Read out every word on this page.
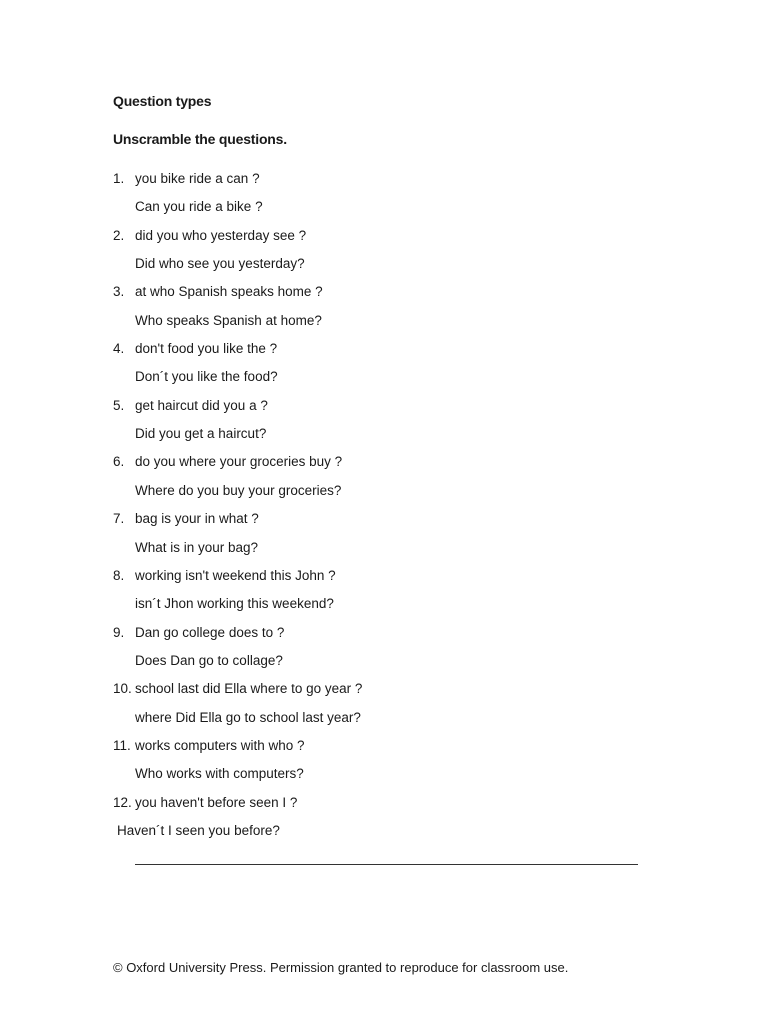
Question types
Unscramble the questions.
1. you bike ride a can ?
Can you ride a bike ?
2. did you who yesterday see ?
Did who see you yesterday?
3. at who Spanish speaks home ?
Who speaks Spanish at home?
4. don't food you like the ?
Don´t you like the food?
5. get haircut did you a ?
Did you get a haircut?
6. do you where your groceries buy ?
Where do you buy your groceries?
7. bag is your in what ?
What is in your bag?
8. working isn't weekend this John ?
isn´t Jhon working this weekend?
9. Dan go college does to ?
Does Dan go to collage?
10. school last did Ella where to go year ?
where Did Ella go to school last year?
11. works computers with who ?
Who works with computers?
12. you haven't before seen I ?
Haven´t I seen you before?
© Oxford University Press. Permission granted to reproduce for classroom use.
